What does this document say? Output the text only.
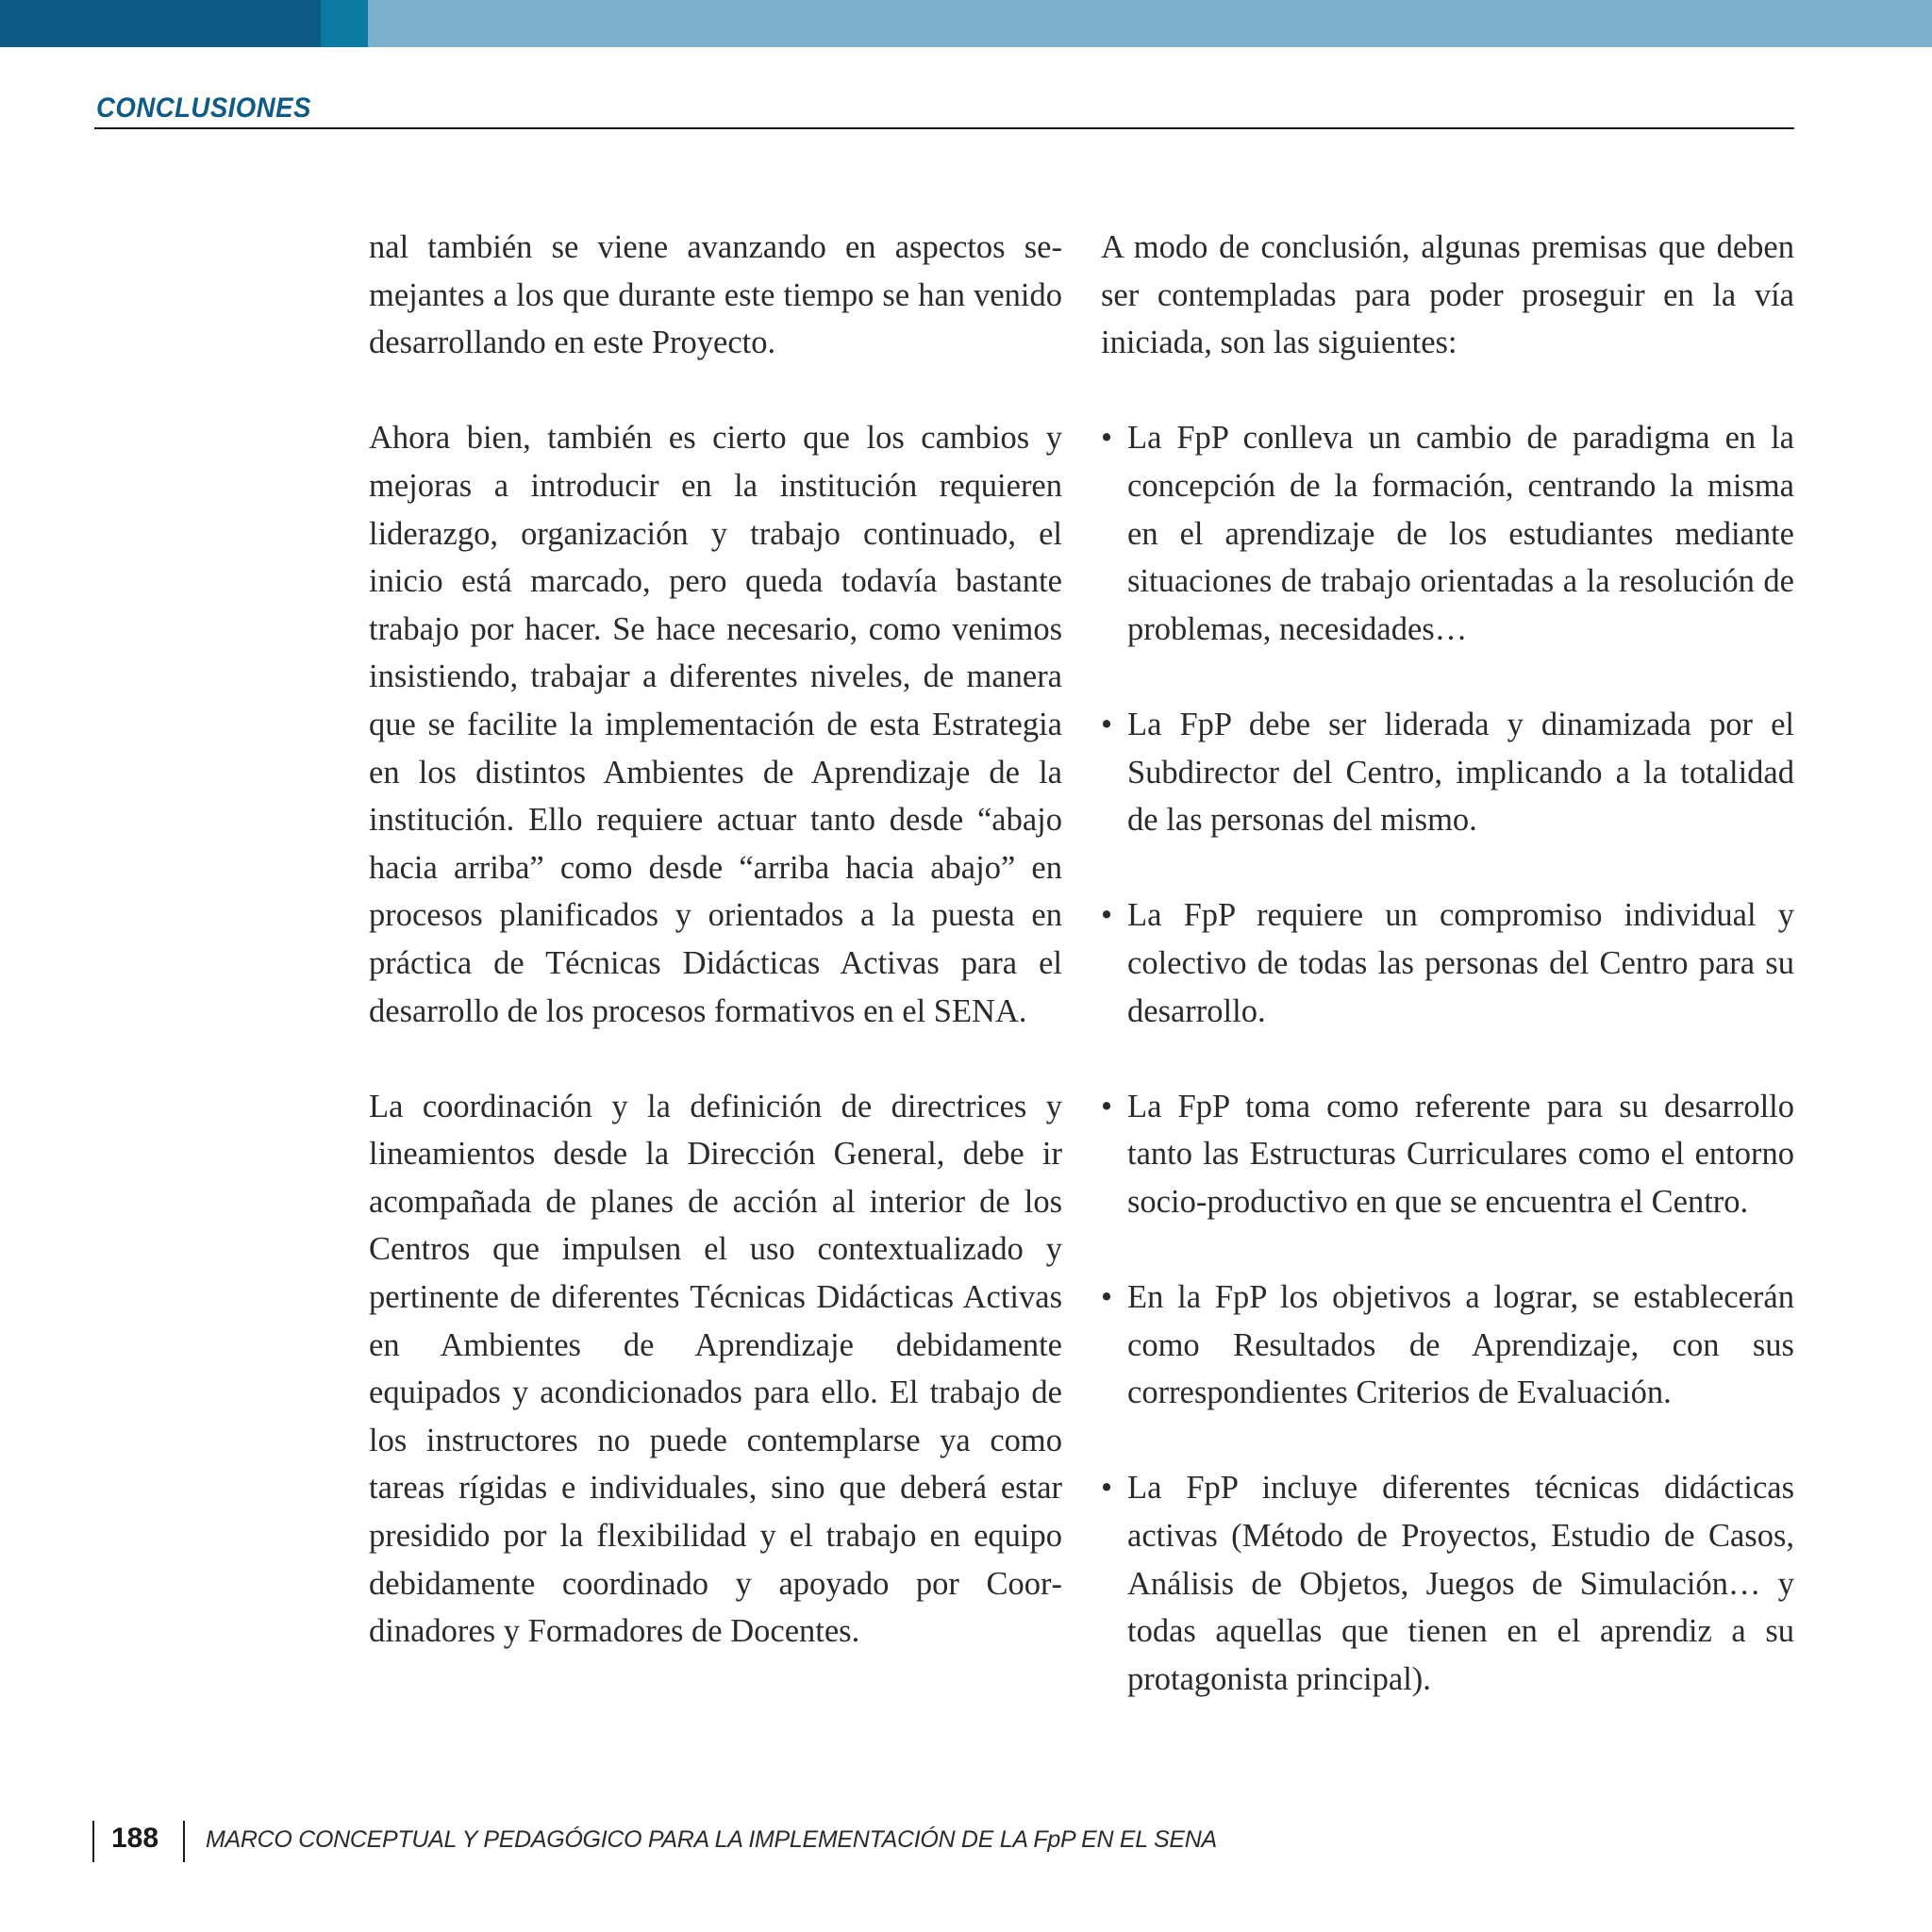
CONCLUSIONES

nal también se viene avanzando en aspectos semejantes a los que durante este tiempo se han venido desarrollando en este Proyecto.

Ahora bien, también es cierto que los cambios y mejoras a introducir en la institución requieren liderazgo, organización y trabajo continuado, el inicio está marcado, pero queda todavía bastante trabajo por hacer. Se hace necesario, como venimos insistiendo, trabajar a diferentes niveles, de manera que se facilite la implementación de esta Estrategia en los distintos Ambientes de Aprendizaje de la institución. Ello requiere actuar tanto desde “abajo hacia arriba” como desde “arriba hacia abajo” en procesos planificados y orientados a la puesta en práctica de Técnicas Didácticas Activas para el desarrollo de los procesos formativos en el SENA.

La coordinación y la definición de directrices y lineamientos desde la Dirección General, debe ir acompañada de planes de acción al interior de los Centros que impulsen el uso contextualizado y pertinente de diferentes Técnicas Didácticas Activas en Ambientes de Aprendizaje debidamente equipados y acondicionados para ello. El trabajo de los instructores no puede contemplarse ya como tareas rígidas e individuales, sino que deberá estar presidido por la flexibilidad y el trabajo en equipo debidamente coordinado y apoyado por Coordinadores y Formadores de Docentes.

A modo de conclusión, algunas premisas que deben ser contempladas para poder proseguir en la vía iniciada, son las siguientes:

• La FpP conlleva un cambio de paradigma en la concepción de la formación, centrando la misma en el aprendizaje de los estudiantes mediante situaciones de trabajo orientadas a la resolución de problemas, necesidades…
• La FpP debe ser liderada y dinamizada por el Subdirector del Centro, implicando a la totalidad de las personas del mismo.
• La FpP requiere un compromiso individual y colectivo de todas las personas del Centro para su desarrollo.
• La FpP toma como referente para su desarrollo tanto las Estructuras Curriculares como el entorno socio-productivo en que se encuentra el Centro.
• En la FpP los objetivos a lograr, se establecerán como Resultados de Aprendizaje, con sus correspondientes Criterios de Evaluación.
• La FpP incluye diferentes técnicas didácticas activas (Método de Proyectos, Estudio de Casos, Análisis de Objetos, Juegos de Simulación… y todas aquellas que tienen en el aprendiz a su protagonista principal).
188 MARCO CONCEPTUAL Y PEDAGÓGICO PARA LA IMPLEMENTACIÓN DE LA FpP EN EL SENA
